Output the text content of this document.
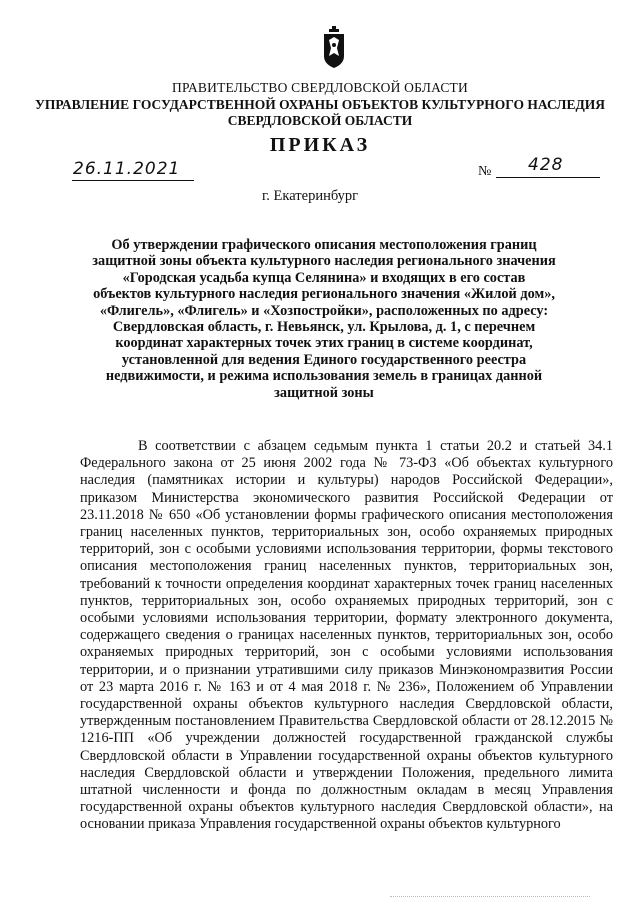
ПРАВИТЕЛЬСТВО СВЕРДЛОВСКОЙ ОБЛАСТИ
УПРАВЛЕНИЕ ГОСУДАРСТВЕННОЙ ОХРАНЫ ОБЪЕКТОВ КУЛЬТУРНОГО НАСЛЕДИЯ СВЕРДЛОВСКОЙ ОБЛАСТИ
ПРИКАЗ
26.11.2021	№ 428
г. Екатеринбург
Об утверждении графического описания местоположения границ защитной зоны объекта культурного наследия регионального значения «Городская усадьба купца Селянина» и входящих в его состав объектов культурного наследия регионального значения «Жилой дом», «Флигель», «Флигель» и «Хозпостройки», расположенных по адресу: Свердловская область, г. Невьянск, ул. Крылова, д. 1, с перечнем координат характерных точек этих границ в системе координат, установленной для ведения Единого государственного реестра недвижимости, и режима использования земель в границах данной защитной зоны
В соответствии с абзацем седьмым пункта 1 статьи 20.2 и статьей 34.1 Федерального закона от 25 июня 2002 года № 73-ФЗ «Об объектах культурного наследия (памятниках истории и культуры) народов Российской Федерации», приказом Министерства экономического развития Российской Федерации от 23.11.2018 № 650 «Об установлении формы графического описания местоположения границ населенных пунктов, территориальных зон, особо охраняемых природных территорий, зон с особыми условиями использования территории, формы текстового описания местоположения границ населенных пунктов, территориальных зон, требований к точности определения координат характерных точек границ населенных пунктов, территориальных зон, особо охраняемых природных территорий, зон с особыми условиями использования территории, формату электронного документа, содержащего сведения о границах населенных пунктов, территориальных зон, особо охраняемых природных территорий, зон с особыми условиями использования территории, и о признании утратившими силу приказов Минэкономразвития России от 23 марта 2016 г. № 163 и от 4 мая 2018 г. № 236», Положением об Управлении государственной охраны объектов культурного наследия Свердловской области, утвержденным постановлением Правительства Свердловской области от 28.12.2015 № 1216-ПП «Об учреждении должностей государственной гражданской службы Свердловской области в Управлении государственной охраны объектов культурного наследия Свердловской области и утверждении Положения, предельного лимита штатной численности и фонда по должностным окладам в месяц Управления государственной охраны объектов культурного наследия Свердловской области», на основании приказа Управления государственной охраны объектов культурного
